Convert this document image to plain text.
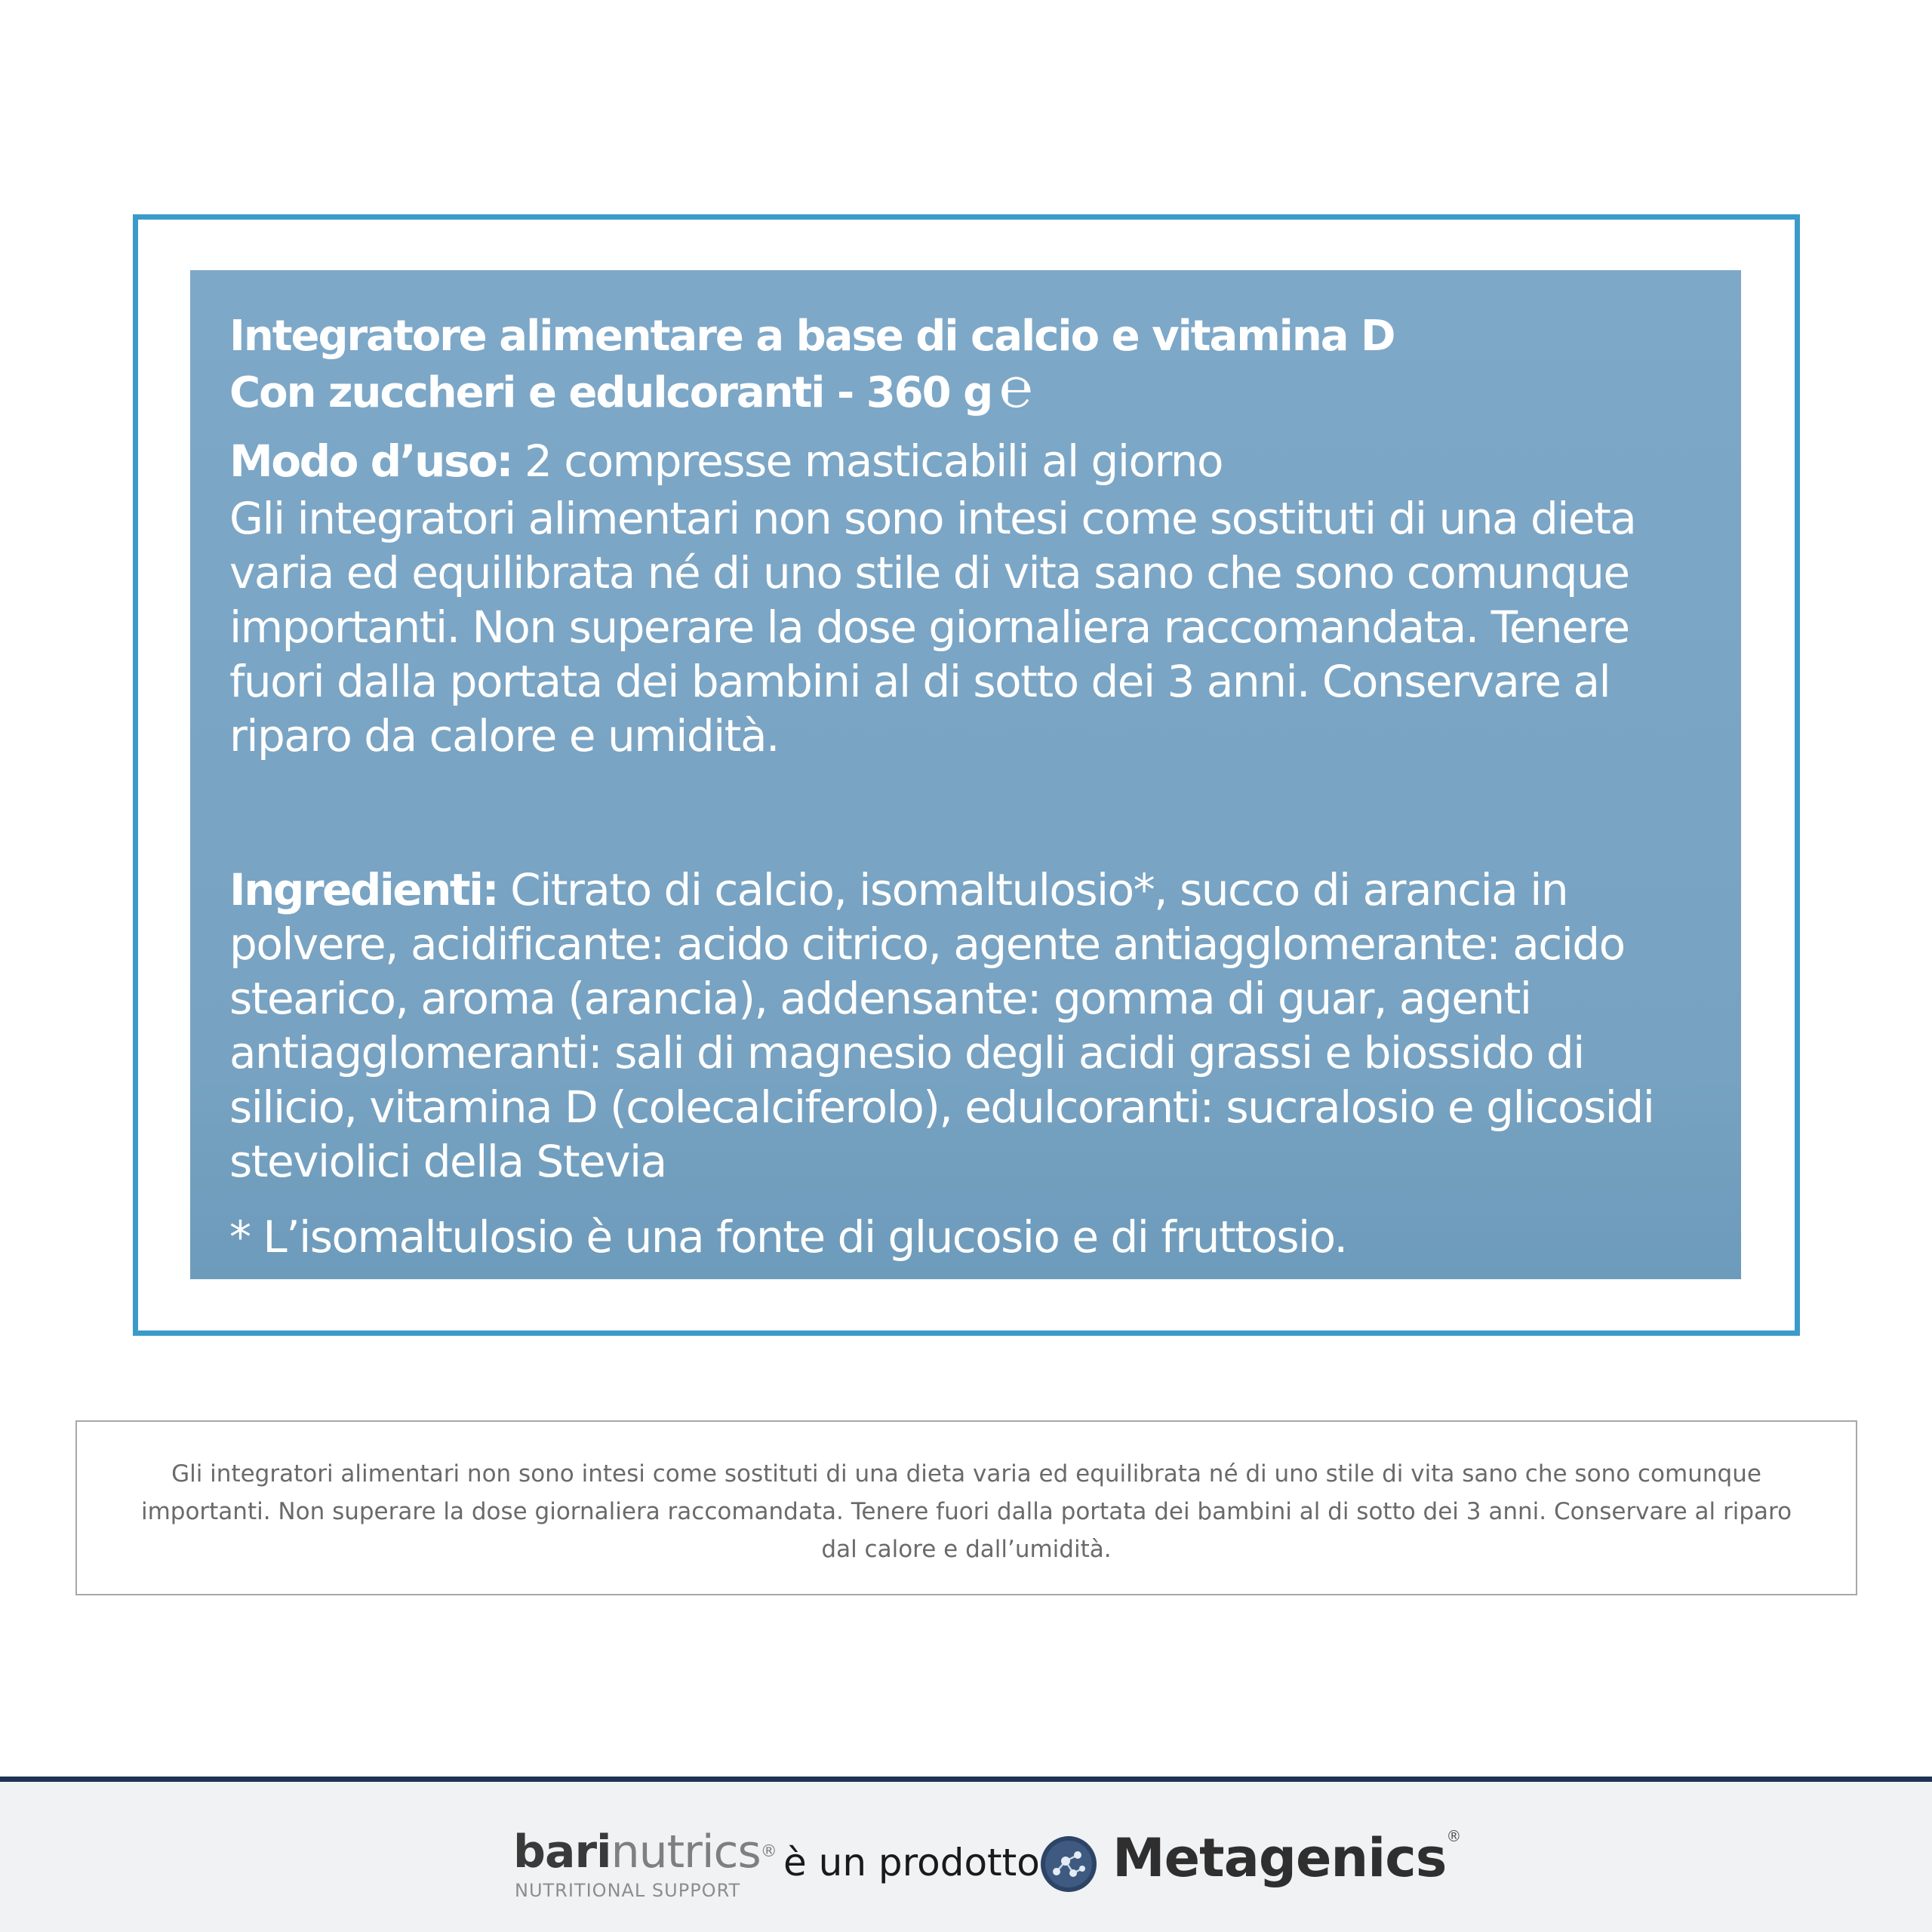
Integratore alimentare a base di calcio e vitamina D
Con zuccheri e edulcoranti - 360 g ℮
Modo d’uso: 2 compresse masticabili al giorno
Gli integratori alimentari non sono intesi come sostituti di una dieta varia ed equilibrata né di uno stile di vita sano che sono comunque importanti. Non superare la dose giornaliera raccomandata. Tenere fuori dalla portata dei bambini al di sotto dei 3 anni. Conservare al riparo da calore e umidità.
Ingredienti: Citrato di calcio, isomaltulosio*, succo di arancia in polvere, acidificante: acido citrico, agente antiagglomerante: acido stearico, aroma (arancia), addensante: gomma di guar, agenti antiagglomeranti: sali di magnesio degli acidi grassi e biossido di silicio, vitamina D (colecalciferolo), edulcoranti: sucralosio e glicosidi steviolici della Stevia
* L’isomaltulosio è una fonte di glucosio e di fruttosio.
Gli integratori alimentari non sono intesi come sostituti di una dieta varia ed equilibrata né di uno stile di vita sano che sono comunque importanti. Non superare la dose giornaliera raccomandata. Tenere fuori dalla portata dei bambini al di sotto dei 3 anni. Conservare al riparo dal calore e dall’umidità.
barinutrics®
NUTRITIONAL SUPPORT
è un prodotto Metagenics®
